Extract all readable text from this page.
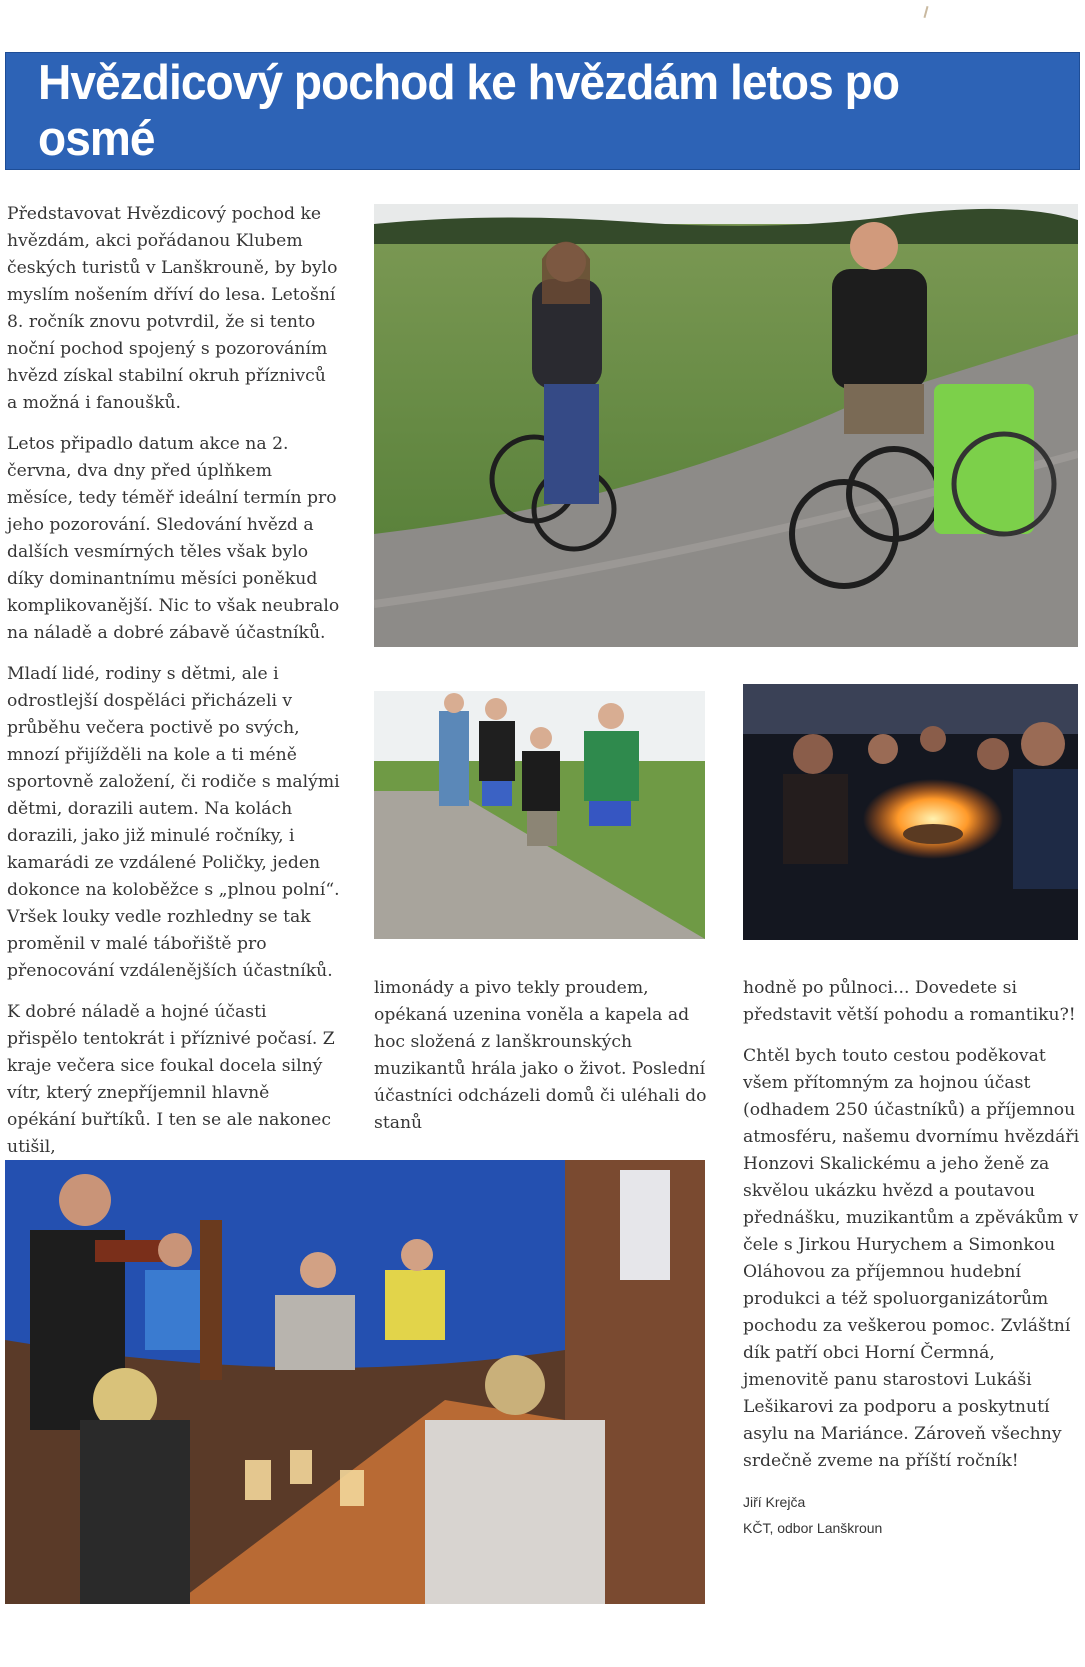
Hvězdicový pochod ke hvězdám letos po osmé

Představovat Hvězdicový pochod ke hvězdám, akci pořádanou Klubem českých turistů v Lanškrouně, by bylo myslím nošením dříví do lesa. Letošní 8. ročník znovu potvrdil, že si tento noční pochod spojený s pozorováním hvězd získal stabilní okruh příznivců a možná i fanoušků.

Letos připadlo datum akce na 2. června, dva dny před úplňkem měsíce, tedy téměř ideální termín pro jeho pozorování. Sledování hvězd a dalších vesmírných těles však bylo díky dominantnímu měsíci poněkud komplikovanější. Nic to však neubralo na náladě a dobré zábavě účastníků.

Mladí lidé, rodiny s dětmi, ale i odrostlejší dospěláci přicházeli v průběhu večera poctivě po svých, mnozí přijížděli na kole a ti méně sportovně založení, či rodiče s malými dětmi, dorazili autem. Na kolách dorazili, jako již minulé ročníky, i kamarádi ze vzdálené Poličky, jeden dokonce na koloběžce s „plnou polní“. Vršek louky vedle rozhledny se tak proměnil v malé tábořiště pro přenocování vzdálenějších účastníků.

K dobré náladě a hojné účasti přispělo tentokrát i příznivé počasí. Z kraje večera sice foukal docela silný vítr, který znepříjemnil hlavně opékání buřtíků. I ten se ale nakonec utišil,

limonády a pivo tekly proudem, opékaná uzenina voněla a kapela ad hoc složená z lanškrounských muzikantů hrála jako o život. Poslední účastníci odcházeli domů či uléhali do stanů

hodně po půlnoci... Dovedete si představit větší pohodu a romantiku?!

Chtěl bych touto cestou poděkovat všem přítomným za hojnou účast (odhadem 250 účastníků) a příjemnou atmosféru, našemu dvornímu hvězdáři Honzovi Skalickému a jeho ženě za skvělou ukázku hvězd a poutavou přednášku, muzikantům a zpěvákům v čele s Jirkou Hurychem a Simonkou Oláhovou za příjemnou hudební produkci a též spoluorganizátorům pochodu za veškerou pomoc. Zvláštní dík patří obci Horní Čermná, jmenovitě panu starostovi Lukáši Lešikarovi za podporu a poskytnutí asylu na Mariánce. Zároveň všechny srdečně zveme na příští ročník!

Jiří Krejča
KČT, odbor Lanškroun
